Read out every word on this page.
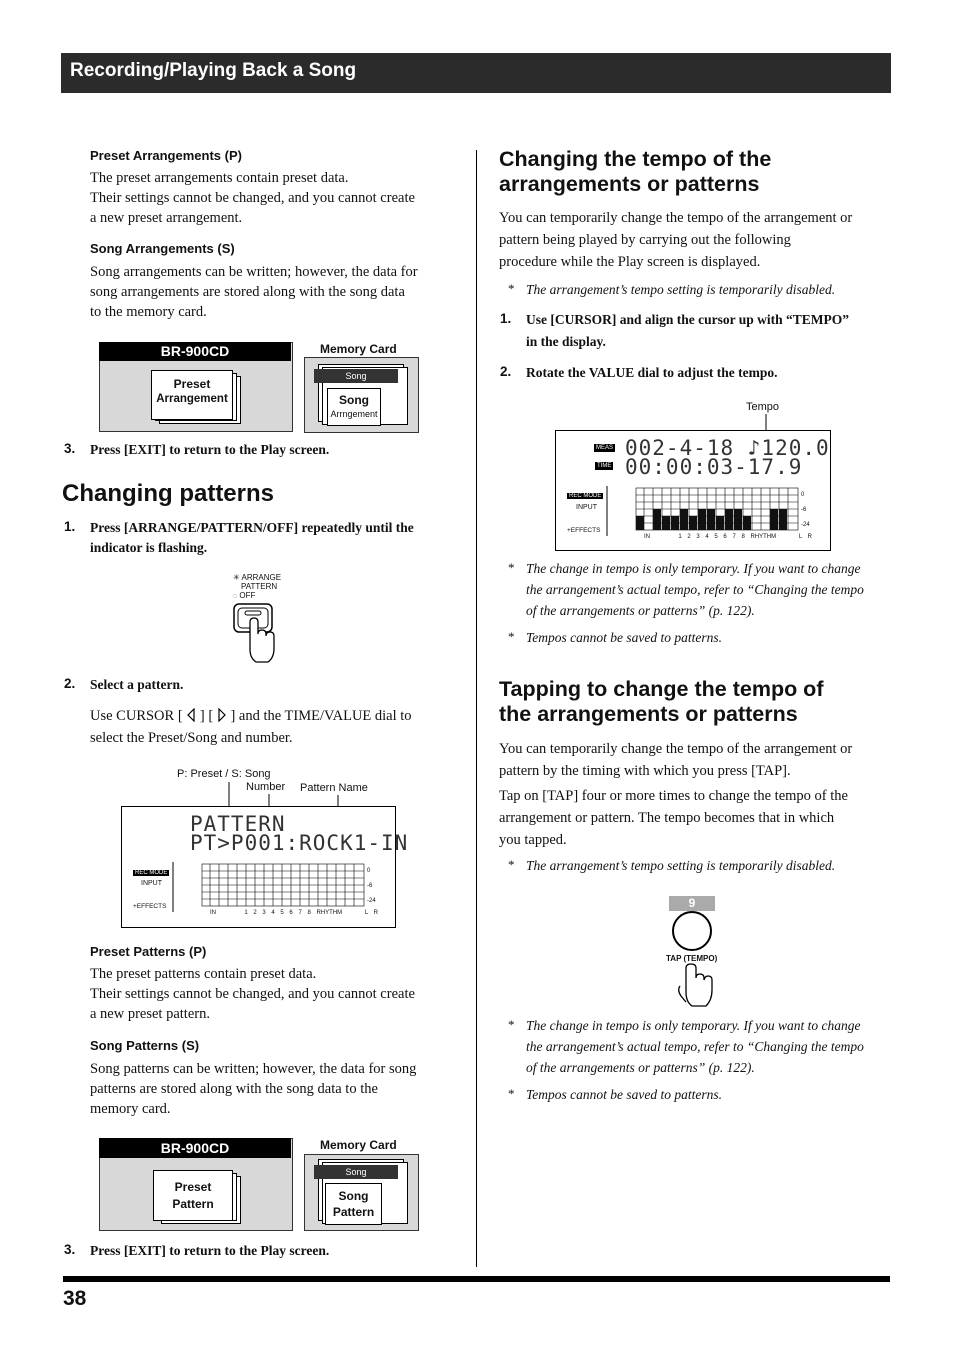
Recording/Playing Back a Song
Preset Arrangements (P)
The preset arrangements contain preset data.
Their settings cannot be changed, and you cannot create
a new preset arrangement.
Song Arrangements (S)
Song arrangements can be written; however, the data for
song arrangements are stored along with the song data
to the memory card.
BR-900CD
Preset
Arrangement
Memory Card
Song
Song
Arrngement
3. Press [EXIT] to return to the Play screen.
Changing patterns
1. Press [ARRANGE/PATTERN/OFF] repeatedly until the
indicator is flashing.
✳ ARRANGE
PATTERN
◌ OFF
2. Select a pattern.
Use CURSOR [ ] [ ] and the TIME/VALUE dial to
select the Preset/Song and number.
P: Preset / S: Song
Number Pattern Name
PATTERN
PT>P001:ROCK1-IN
REC MODE
INPUT
+EFFECTS
0
-6
-24
IN	1 2 3 4 5 6 7 8 RHYTHM	L R
Preset Patterns (P)
The preset patterns contain preset data.
Their settings cannot be changed, and you cannot create
a new preset pattern.
Song Patterns (S)
Song patterns can be written; however, the data for song
patterns are stored along with the song data to the
memory card.
BR-900CD
Preset
Pattern
Memory Card
Song
Song
Pattern
3. Press [EXIT] to return to the Play screen.
Changing the tempo of the
arrangements or patterns
You can temporarily change the tempo of the arrangement or
pattern being played by carrying out the following
procedure while the Play screen is displayed.
* The arrangement’s tempo setting is temporarily disabled.
1. Use [CURSOR] and align the cursor up with “TEMPO”
in the display.
2. Rotate the VALUE dial to adjust the tempo.
Tempo
MEAS
TIME
002-4-18 ♪120.0
00:00:03-17.9
REC MODE
INPUT
+EFFECTS
0
-6
-24
IN	1 2 3 4 5 6 7 8 RHYTHM	L R
* The change in tempo is only temporary. If you want to change
the arrangement’s actual tempo, refer to “Changing the tempo
of the arrangements or patterns” (p. 122).
* Tempos cannot be saved to patterns.
Tapping to change the tempo of
the arrangements or patterns
You can temporarily change the tempo of the arrangement or
pattern by the timing with which you press [TAP].
Tap on [TAP] four or more times to change the tempo of the
arrangement or pattern. The tempo becomes that in which
you tapped.
* The arrangement’s tempo setting is temporarily disabled.
9
TAP (TEMPO)
* The change in tempo is only temporary. If you want to change
the arrangement’s actual tempo, refer to “Changing the tempo
of the arrangements or patterns” (p. 122).
* Tempos cannot be saved to patterns.
38
